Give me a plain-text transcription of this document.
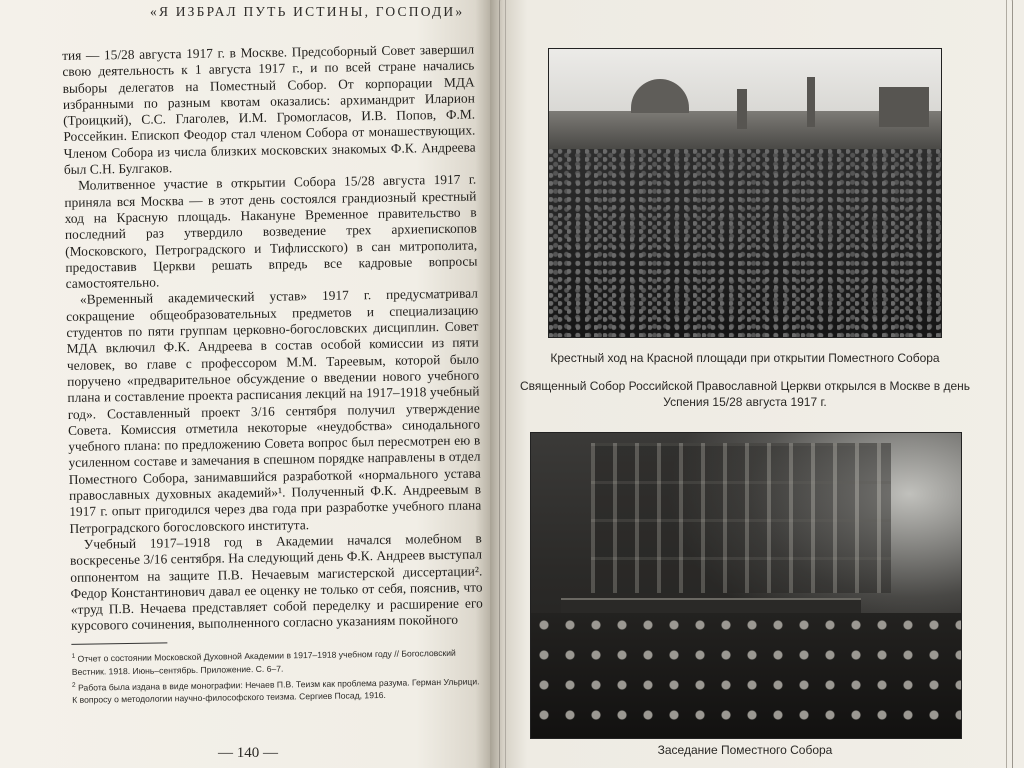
«Я ИЗБРАЛ ПУТЬ ИСТИНЫ, ГОСПОДИ»

тия — 15/28 августа 1917 г. в Москве. Предсоборный Совет завершил свою деятельность к 1 августа 1917 г., и по всей стране начались выборы делегатов на Поместный Собор. От корпорации МДА избранными по разным квотам оказались: архимандрит Иларион (Троицкий), С.С. Глаголев, И.М. Громогласов, И.В. Попов, Ф.М. Россейкин. Епископ Феодор стал членом Собора от монашествующих. Членом Собора из числа близких московских знакомых Ф.К. Андреева был С.Н. Булгаков.

Молитвенное участие в открытии Собора 15/28 августа 1917 г. приняла вся Москва — в этот день состоялся грандиозный крестный ход на Красную площадь. Накануне Временное правительство в последний раз утвердило возведение трех архиепископов (Московского, Петроградского и Тифлисского) в сан митрополита, предоставив Церкви решать впредь все кадровые вопросы самостоятельно.

«Временный академический устав» 1917 г. предусматривал сокращение общеобразовательных предметов и специализацию студентов по пяти группам церковно-богословских дисциплин. Совет МДА включил Ф.К. Андреева в состав особой комиссии из пяти человек, во главе с профессором М.М. Тареевым, которой было поручено «предварительное обсуждение о введении нового учебного плана и составление проекта расписания лекций на 1917–1918 учебный год». Составленный проект 3/16 сентября получил утверждение Совета. Комиссия отметила некоторые «неудобства» синодального учебного плана: по предложению Совета вопрос был пересмотрен ею в усиленном составе и замечания в спешном порядке направлены в отдел Поместного Собора, занимавшийся разработкой «нормального устава православных духовных академий»¹. Полученный Ф.К. Андреевым в 1917 г. опыт пригодился через два года при разработке учебного плана Петроградского богословского института.

Учебный 1917–1918 год в Академии начался молебном в воскресенье 3/16 сентября. На следующий день Ф.К. Андреев выступал оппонентом на защите П.В. Нечаевым магистерской диссертации². Федор Константинович давал ее оценку не только от себя, пояснив, что «труд П.В. Нечаева представляет собой переделку и расширение его курсового сочинения, выполненного согласно указаниям покойного

$^1$ Отчет о состоянии Московской Духовной Академии в 1917–1918 учебном году // Богословский Вестник. 1918. Июнь–сентябрь. Приложение. С. 6–7.

$^2$ Работа была издана в виде монографии: Нечаев П.В. Теизм как проблема разума. Герман Ульрици. К вопросу о методологии научно-философского теизма. Сергиев Посад, 1916.

— 140 —
Крестный ход на Красной площади при открытии Поместного Собора
Священный Собор Российской Православной Церкви открылся в Москве в день Успения 15/28 августа 1917 г.
Заседание Поместного Собора
